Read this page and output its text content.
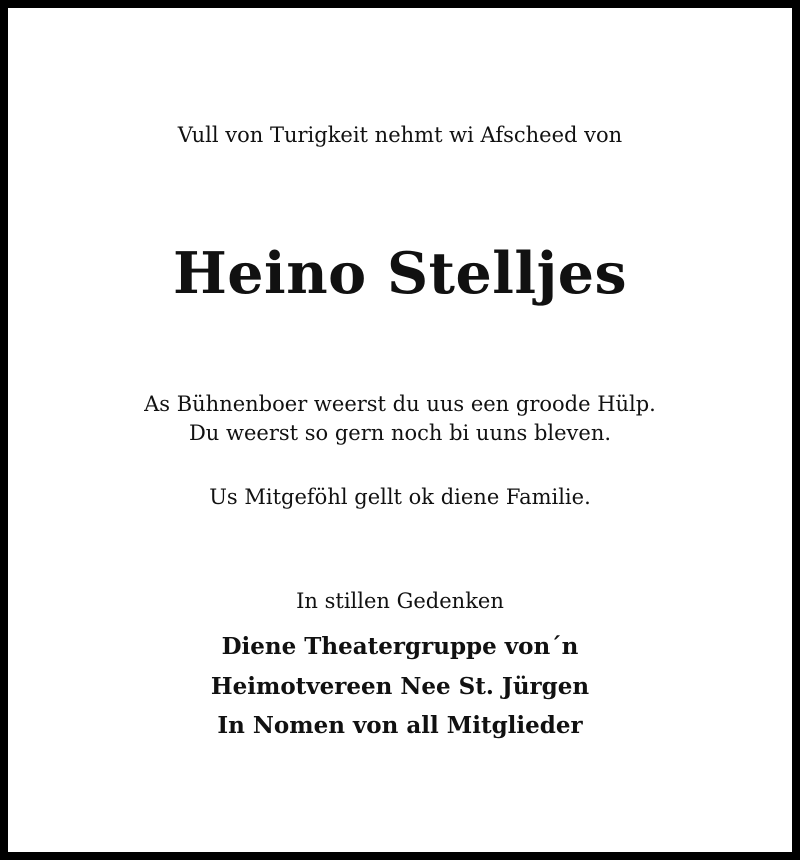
Vull von Turigkeit nehmt wi Afscheed von
Heino Stelljes
As Bühnenboer weerst du uus een groode Hülp.
Du weerst so gern noch bi uuns bleven.
Us Mitgeföhl gellt ok diene Familie.
In stillen Gedenken
Diene Theatergruppe von´n
Heimotvereen Nee St. Jürgen
In Nomen von all Mitglieder
